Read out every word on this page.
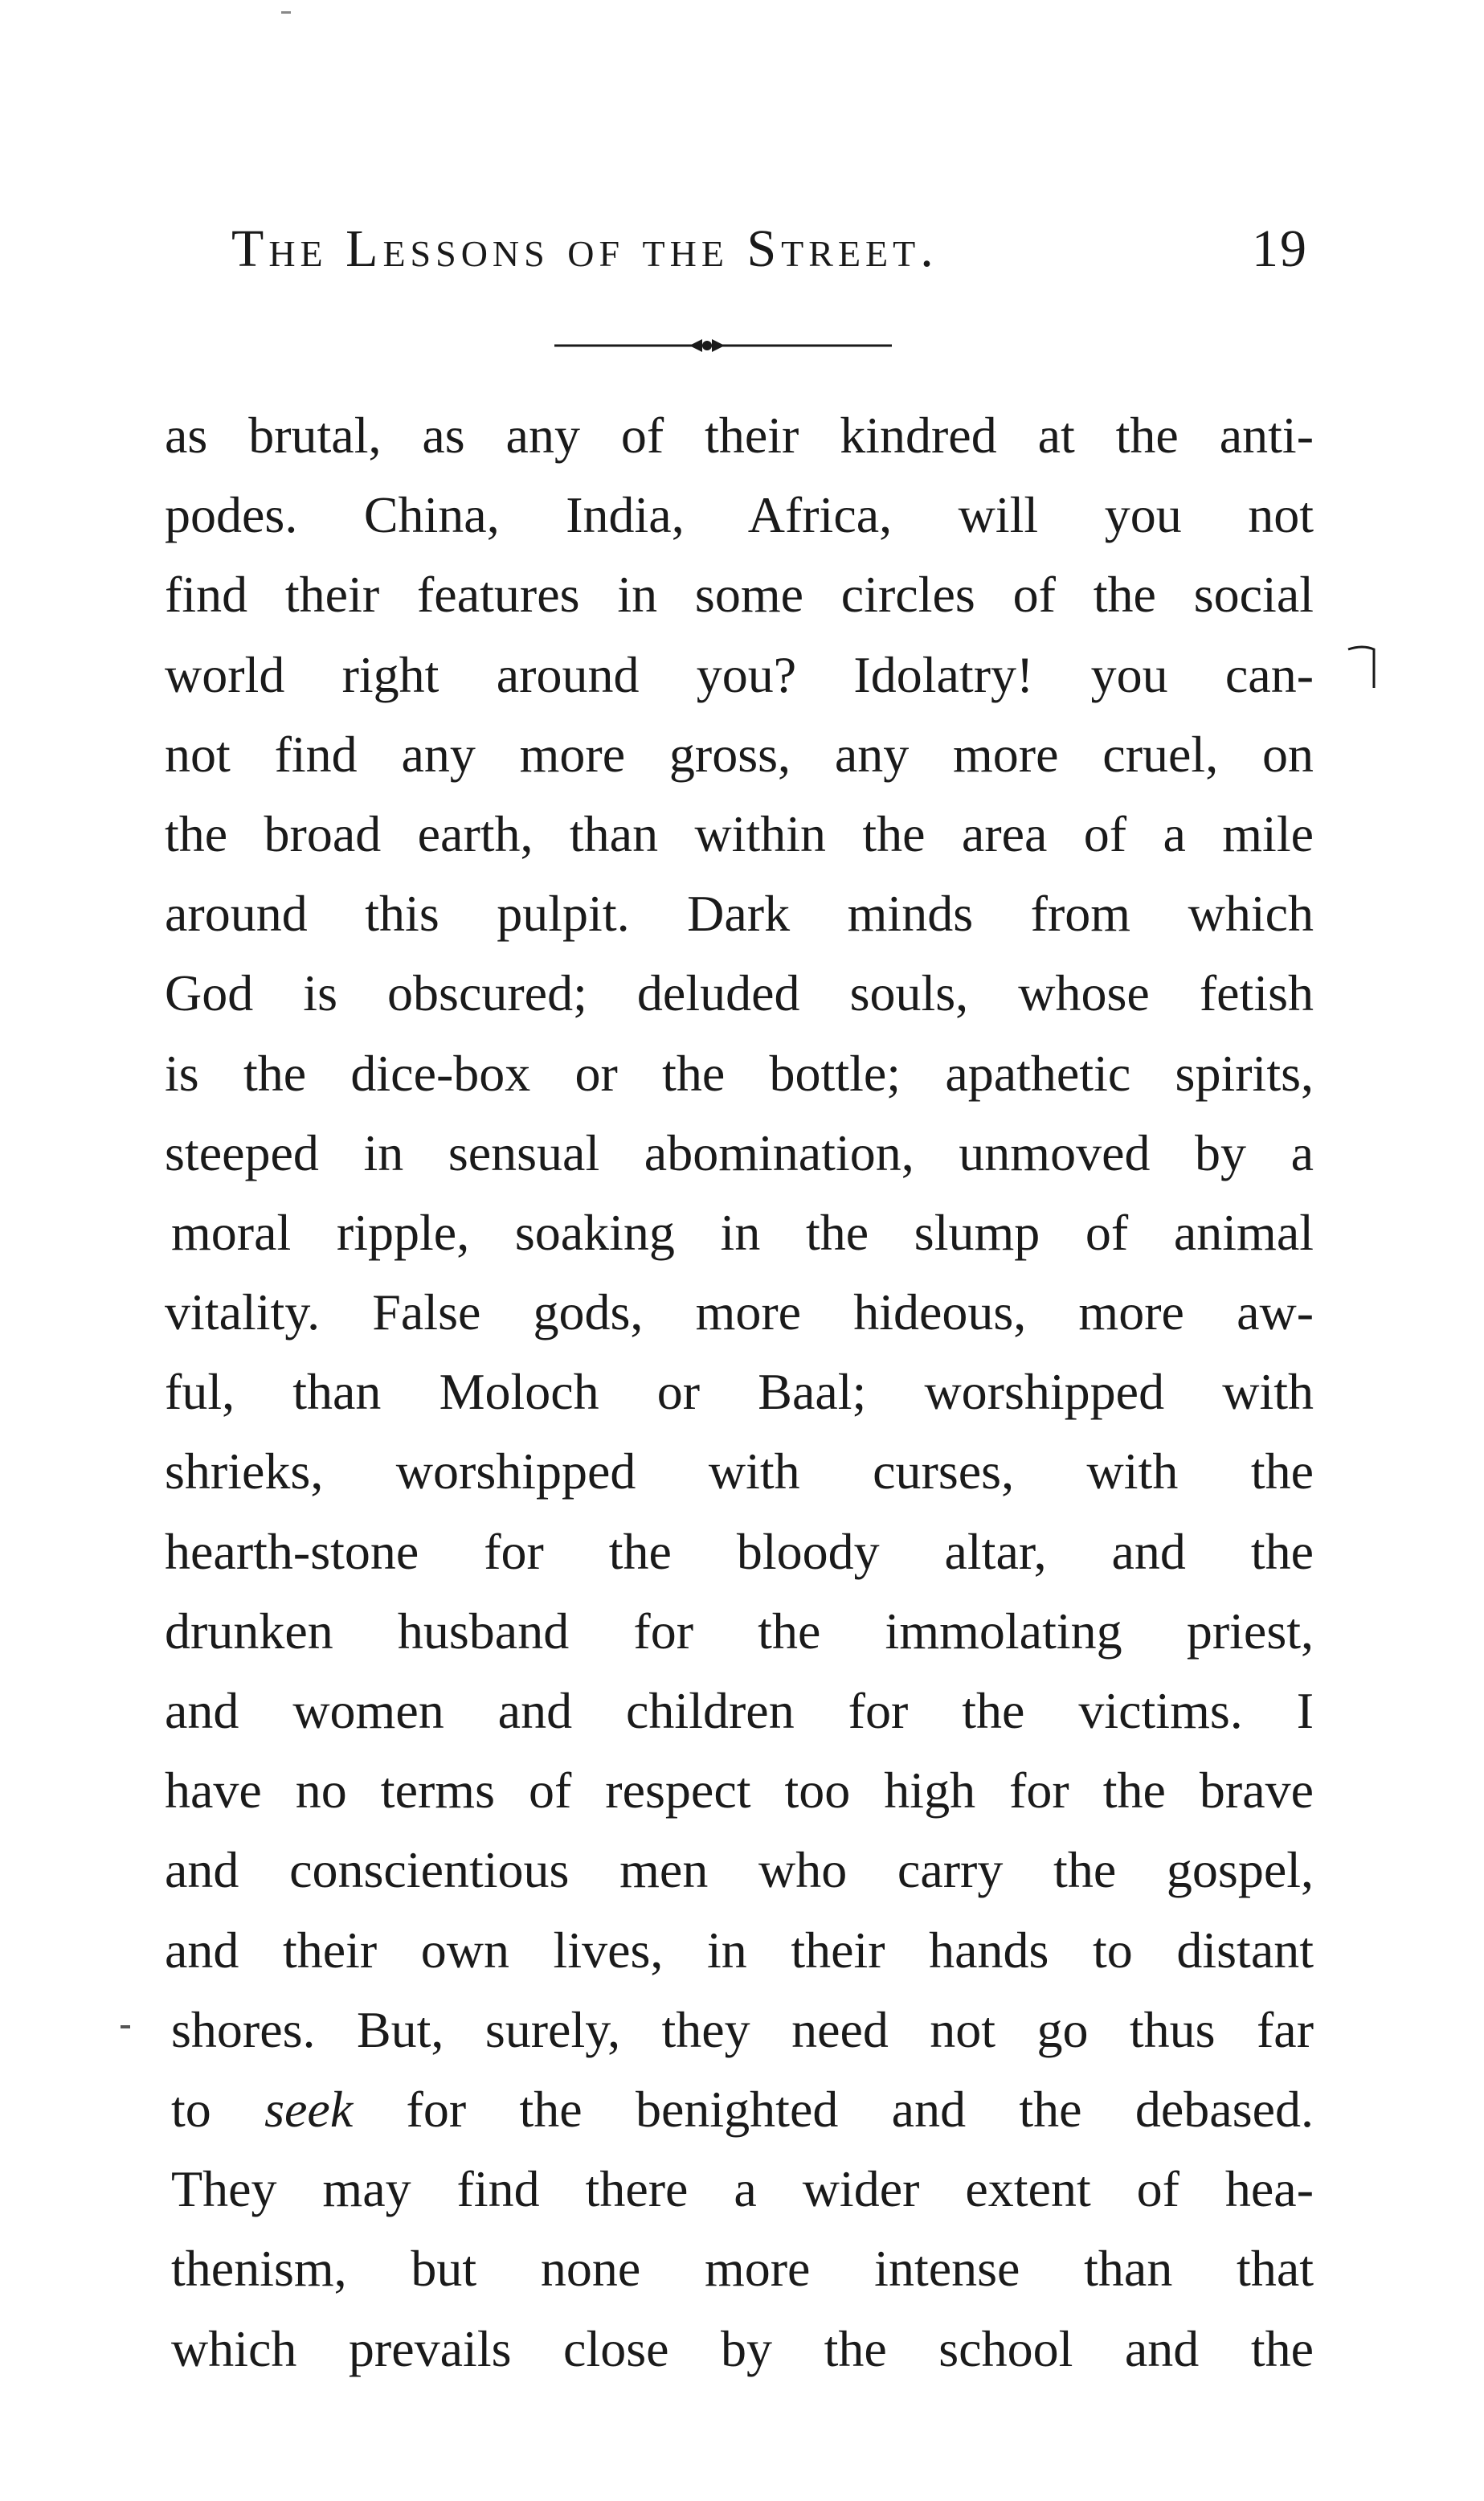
The Lessons of the Street.	19
as brutal, as any of their kindred at the anti-
podes. China, India, Africa, will you not
find their features in some circles of the social
world right around you? Idolatry! you can-
not find any more gross, any more cruel, on
the broad earth, than within the area of a mile
around this pulpit. Dark minds from which
God is obscured; deluded souls, whose fetish
is the dice-box or the bottle; apathetic spirits,
steeped in sensual abomination, unmoved by a
moral ripple, soaking in the slump of animal
vitality. False gods, more hideous, more aw-
ful, than Moloch or Baal; worshipped with
shrieks, worshipped with curses, with the
hearth-stone for the bloody altar, and the
drunken husband for the immolating priest,
and women and children for the victims. I
have no terms of respect too high for the brave
and conscientious men who carry the gospel,
and their own lives, in their hands to distant
shores. But, surely, they need not go thus far
to seek for the benighted and the debased.
They may find there a wider extent of hea-
thenism, but none more intense than that
which prevails close by the school and the
